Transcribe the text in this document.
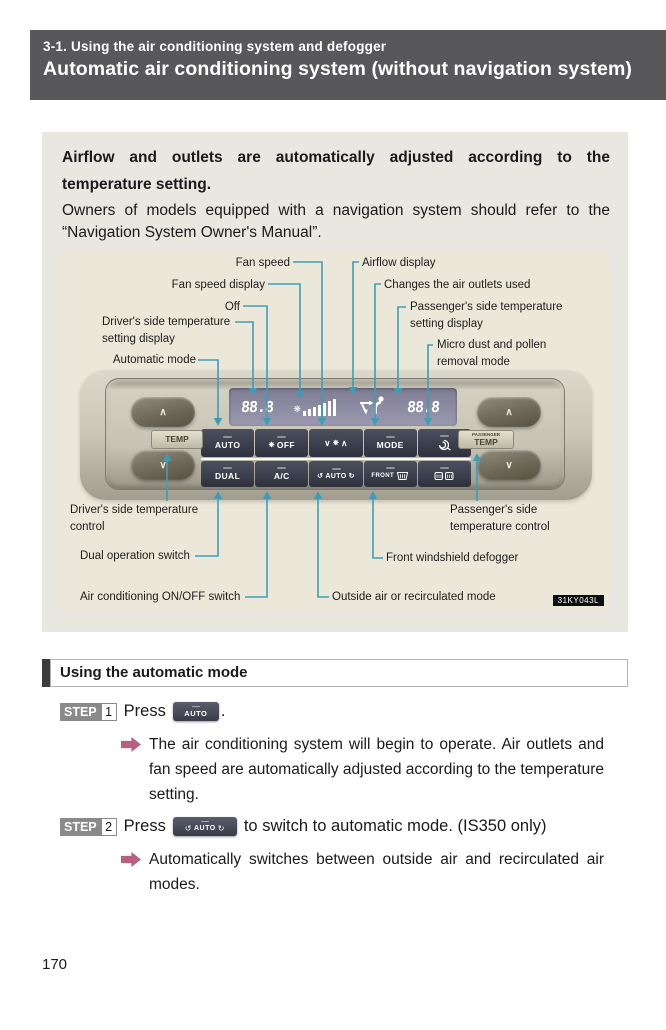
3-1. Using the air conditioning system and defogger
Automatic air conditioning system (without navigation system)

Airflow and outlets are automatically adjusted according to the temperature setting.

Owners of models equipped with a navigation system should refer to the “Navigation System Owner's Manual”.

Fan speed
Fan speed display
Off
Driver's side temperature setting display
Automatic mode
Airflow display
Changes the air outlets used
Passenger's side temperature setting display
Micro dust and pollen removal mode
Driver's side temperature control
Passenger's side temperature control
Dual operation switch	Front windshield defogger
Air conditioning ON/OFF switch	Outside air or recirculated mode
∧
TEMP
∨
∧
PASSENGER
TEMP
∨
88.8 ❋	88.8
AUTO	❋ OFF	∨ ❋ ∧	MODE
DUAL	A/C	↺ AUTO ↻	FRONT
31KY043L
Using the automatic mode
STEP 1 Press AUTO .

The air conditioning system will begin to operate. Air outlets and fan speed are automatically adjusted according to the temperature setting.

STEP 2 Press ↺ AUTO ↻ to switch to automatic mode. (IS350 only)

Automatically switches between outside air and recirculated air modes.

170
